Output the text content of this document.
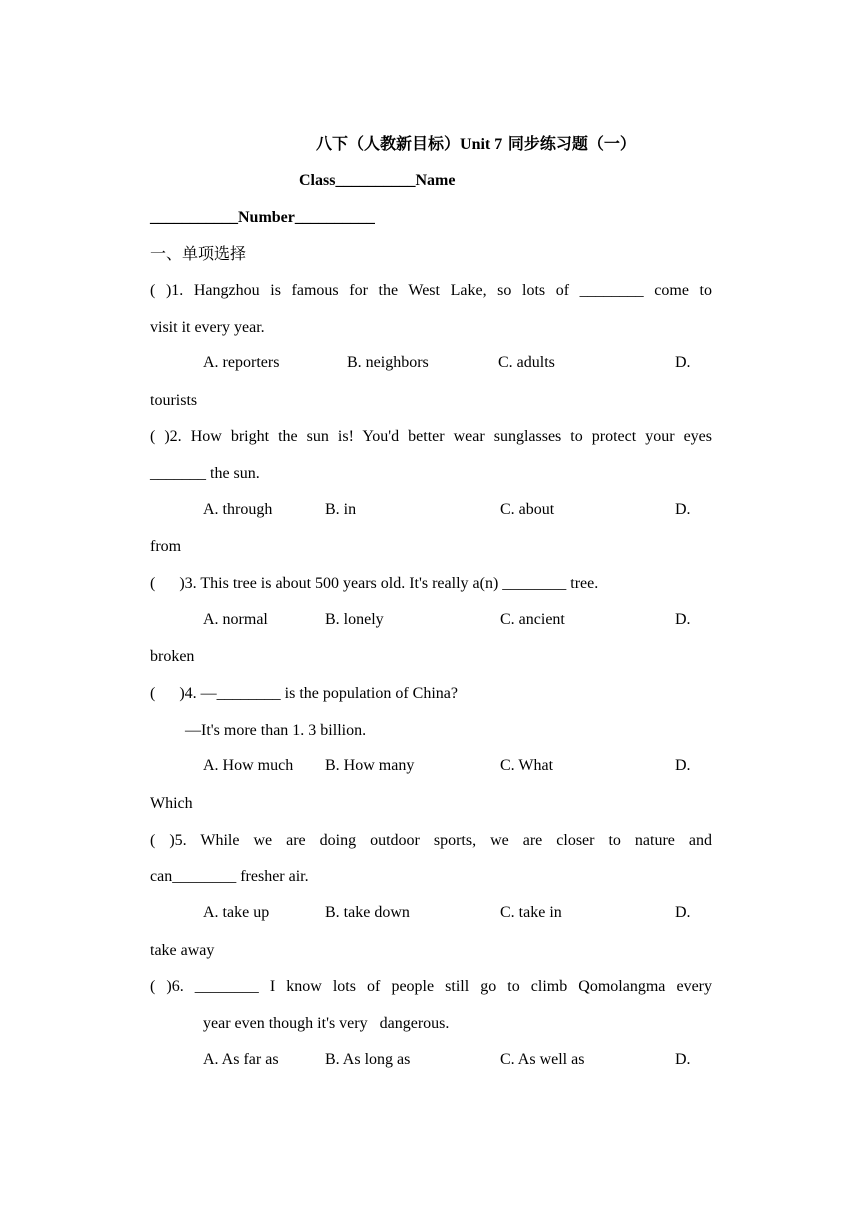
八下（人教新目标）Unit 7 同步练习题（一）
Class__________Name
___________Number__________
一、单项选择
( )1. Hangzhou is famous for the West Lake, so lots of ________ come to
visit it every year.
A. reporters	B. neighbors	C. adults	D.
tourists
( )2. How bright the sun is! You'd better wear sunglasses to protect your eyes
_______ the sun.
A. through	B. in	C. about	D.
from
(      )3. This tree is about 500 years old. It's really a(n) ________ tree.
A. normal	B. lonely	C. ancient	D.
broken
(      )4. —________ is the population of China?
—It's more than 1. 3 billion.
A. How much B. How many	C. What	D.
Which
( )5. While we are doing outdoor sports, we are closer to nature and
can________ fresher air.
A. take up	B. take down	C. take in	D.
take away
( )6. ________ I know lots of people still go to climb Qomolangma every
year even though it's very   dangerous.
A. As far as	B. As long as	C. As well as	D.
